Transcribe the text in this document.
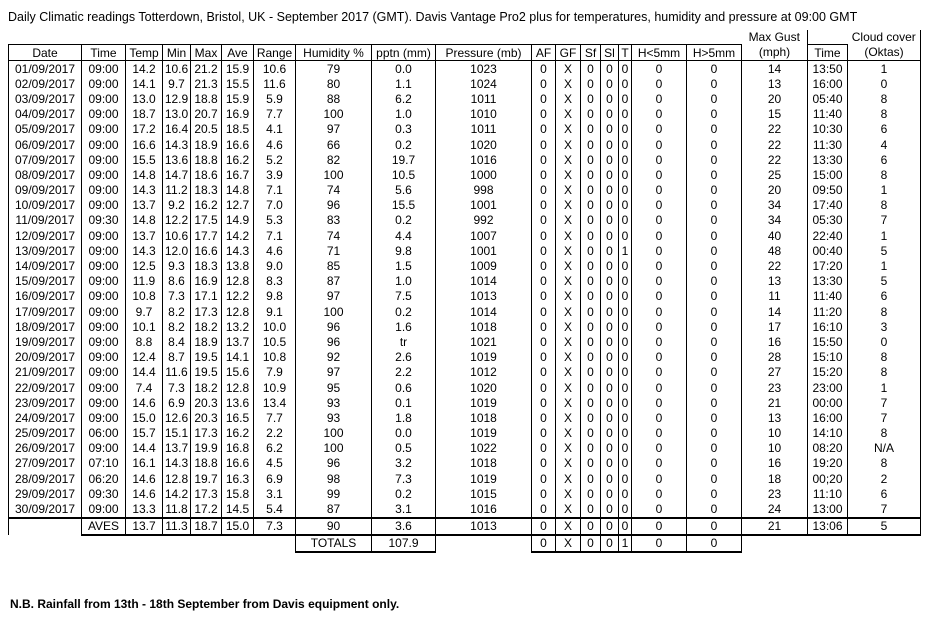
Daily Climatic readings Totterdown, Bristol, UK - September 2017 (GMT). Davis Vantage Pro2 plus for temperatures, humidity and pressure at 09:00 GMT
																	Max Gust		Cloud cover
Date	Time	Temp	Min	Max	Ave	Range	Humidity %	pptn (mm)	Pressure (mb)	AF	GF	Sf	Sl	T	H<5mm	H>5mm	(mph)	Time	(Oktas)
01/09/2017	09:00	14.2	10.6	21.2	15.9	10.6	79	0.0	1023	0	X	0	0	0	0	0	14	13:50	1
02/09/2017	09:00	14.1	9.7	21.3	15.5	11.6	80	1.1	1024	0	X	0	0	0	0	0	13	16:00	0
03/09/2017	09:00	13.0	12.9	18.8	15.9	5.9	88	6.2	1011	0	X	0	0	0	0	0	20	05:40	8
04/09/2017	09:00	18.7	13.0	20.7	16.9	7.7	100	1.0	1010	0	X	0	0	0	0	0	15	11:40	8
05/09/2017	09:00	17.2	16.4	20.5	18.5	4.1	97	0.3	1011	0	X	0	0	0	0	0	22	10:30	6
06/09/2017	09:00	16.6	14.3	18.9	16.6	4.6	66	0.2	1020	0	X	0	0	0	0	0	22	11:30	4
07/09/2017	09:00	15.5	13.6	18.8	16.2	5.2	82	19.7	1016	0	X	0	0	0	0	0	22	13:30	6
08/09/2017	09:00	14.8	14.7	18.6	16.7	3.9	100	10.5	1000	0	X	0	0	0	0	0	25	15:00	8
09/09/2017	09:00	14.3	11.2	18.3	14.8	7.1	74	5.6	998	0	X	0	0	0	0	0	20	09:50	1
10/09/2017	09:00	13.7	9.2	16.2	12.7	7.0	96	15.5	1001	0	X	0	0	0	0	0	34	17:40	8
11/09/2017	09:30	14.8	12.2	17.5	14.9	5.3	83	0.2	992	0	X	0	0	0	0	0	34	05:30	7
12/09/2017	09:00	13.7	10.6	17.7	14.2	7.1	74	4.4	1007	0	X	0	0	0	0	0	40	22:40	1
13/09/2017	09:00	14.3	12.0	16.6	14.3	4.6	71	9.8	1001	0	X	0	0	1	0	0	48	00:40	5
14/09/2017	09:00	12.5	9.3	18.3	13.8	9.0	85	1.5	1009	0	X	0	0	0	0	0	22	17:20	1
15/09/2017	09:00	11.9	8.6	16.9	12.8	8.3	87	1.0	1014	0	X	0	0	0	0	0	13	13:30	5
16/09/2017	09:00	10.8	7.3	17.1	12.2	9.8	97	7.5	1013	0	X	0	0	0	0	0	11	11:40	6
17/09/2017	09:00	9.7	8.2	17.3	12.8	9.1	100	0.2	1014	0	X	0	0	0	0	0	14	11:20	8
18/09/2017	09:00	10.1	8.2	18.2	13.2	10.0	96	1.6	1018	0	X	0	0	0	0	0	17	16:10	3
19/09/2017	09:00	8.8	8.4	18.9	13.7	10.5	96	tr	1021	0	X	0	0	0	0	0	16	15:50	0
20/09/2017	09:00	12.4	8.7	19.5	14.1	10.8	92	2.6	1019	0	X	0	0	0	0	0	28	15:10	8
21/09/2017	09:00	14.4	11.6	19.5	15.6	7.9	97	2.2	1012	0	X	0	0	0	0	0	27	15:20	8
22/09/2017	09:00	7.4	7.3	18.2	12.8	10.9	95	0.6	1020	0	X	0	0	0	0	0	23	23:00	1
23/09/2017	09:00	14.6	6.9	20.3	13.6	13.4	93	0.1	1019	0	X	0	0	0	0	0	21	00:00	7
24/09/2017	09:00	15.0	12.6	20.3	16.5	7.7	93	1.8	1018	0	X	0	0	0	0	0	13	16:00	7
25/09/2017	06:00	15.7	15.1	17.3	16.2	2.2	100	0.0	1019	0	X	0	0	0	0	0	10	14:10	8
26/09/2017	09:00	14.4	13.7	19.9	16.8	6.2	100	0.5	1022	0	X	0	0	0	0	0	10	08:20	N/A
27/09/2017	07:10	16.1	14.3	18.8	16.6	4.5	96	3.2	1018	0	X	0	0	0	0	0	16	19:20	8
28/09/2017	06:20	14.6	12.8	19.7	16.3	6.9	98	7.3	1019	0	X	0	0	0	0	0	18	00;20	2
29/09/2017	09:30	14.6	14.2	17.3	15.8	3.1	99	0.2	1015	0	X	0	0	0	0	0	23	11:10	6
30/09/2017	09:00	13.3	11.8	17.2	14.5	5.4	87	3.1	1016	0	X	0	0	0	0	0	24	13:00	7
	AVES	13.7	11.3	18.7	15.0	7.3	90	3.6	1013	0	X	0	0	0	0	0	21	13:06	5
							TOTALS	107.9		0	X	0	0	1	0	0			
N.B. Rainfall from 13th - 18th September from Davis equipment only.
